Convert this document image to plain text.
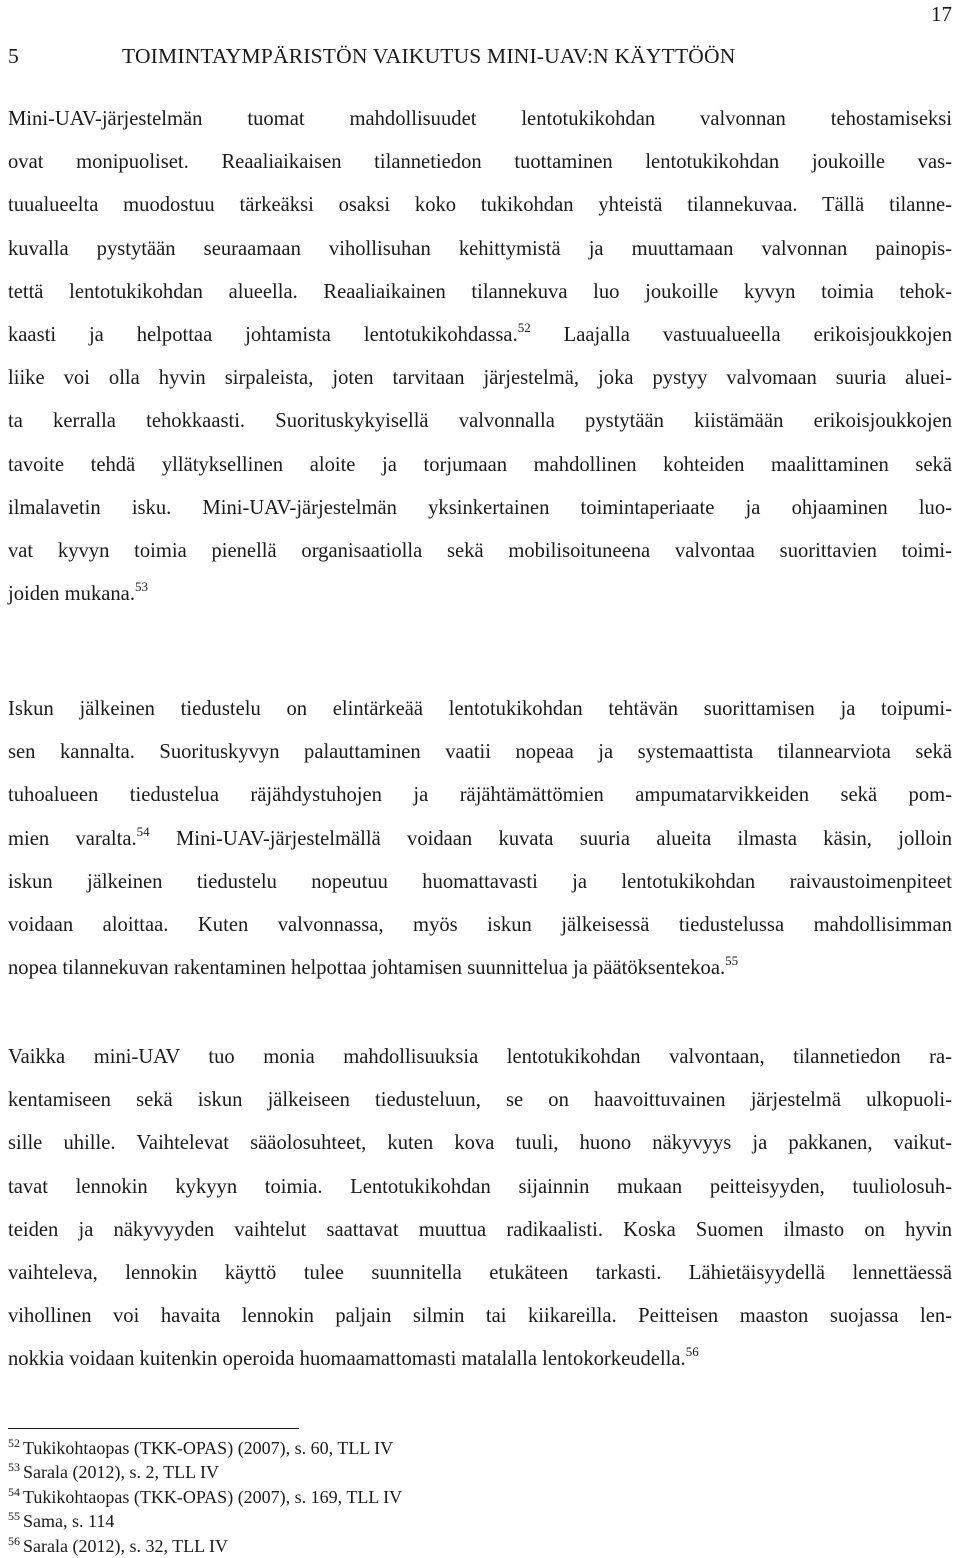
17
5	TOIMINTAYMPÄRISTÖN VAIKUTUS MINI-UAV:N KÄYTTÖÖN
Mini-UAV-järjestelmän tuomat mahdollisuudet lentotukikohdan valvonnan tehostamiseksi
ovat monipuoliset. Reaaliaikaisen tilannetiedon tuottaminen lentotukikohdan joukoille vas-
tuualueelta muodostuu tärkeäksi osaksi koko tukikohdan yhteistä tilannekuvaa. Tällä tilanne-
kuvalla pystytään seuraamaan vihollisuhan kehittymistä ja muuttamaan valvonnan painopis-
tettä lentotukikohdan alueella. Reaaliaikainen tilannekuva luo joukoille kyvyn toimia tehok-
kaasti ja helpottaa johtamista lentotukikohdassa.$^{52}$ Laajalla vastuualueella erikoisjoukkojen
liike voi olla hyvin sirpaleista, joten tarvitaan järjestelmä, joka pystyy valvomaan suuria aluei-
ta kerralla tehokkaasti. Suorituskykyisellä valvonnalla pystytään kiistämään erikoisjoukkojen
tavoite tehdä yllätyksellinen aloite ja torjumaan mahdollinen kohteiden maalittaminen sekä
ilmalavetin isku. Mini-UAV-järjestelmän yksinkertainen toimintaperiaate ja ohjaaminen luo-
vat kyvyn toimia pienellä organisaatiolla sekä mobilisoituneena valvontaa suorittavien toimi-
joiden mukana.$^{53}$
Iskun jälkeinen tiedustelu on elintärkeää lentotukikohdan tehtävän suorittamisen ja toipumi-
sen kannalta. Suorituskyvyn palauttaminen vaatii nopeaa ja systemaattista tilannearviota sekä
tuhoalueen tiedustelua räjähdystuhojen ja räjähtämättömien ampumatarvikkeiden sekä pom-
mien varalta.$^{54}$ Mini-UAV-järjestelmällä voidaan kuvata suuria alueita ilmasta käsin, jolloin
iskun jälkeinen tiedustelu nopeutuu huomattavasti ja lentotukikohdan raivaustoimenpiteet
voidaan aloittaa. Kuten valvonnassa, myös iskun jälkeisessä tiedustelussa mahdollisimman
nopea tilannekuvan rakentaminen helpottaa johtamisen suunnittelua ja päätöksentekoa.$^{55}$
Vaikka mini-UAV tuo monia mahdollisuuksia lentotukikohdan valvontaan, tilannetiedon ra-
kentamiseen sekä iskun jälkeiseen tiedusteluun, se on haavoittuvainen järjestelmä ulkopuoli-
sille uhille. Vaihtelevat sääolosuhteet, kuten kova tuuli, huono näkyvyys ja pakkanen, vaikut-
tavat lennokin kykyyn toimia. Lentotukikohdan sijainnin mukaan peitteisyyden, tuuliolosuh-
teiden ja näkyvyyden vaihtelut saattavat muuttua radikaalisti. Koska Suomen ilmasto on hyvin
vaihteleva, lennokin käyttö tulee suunnitella etukäteen tarkasti. Lähietäisyydellä lennettäessä
vihollinen voi havaita lennokin paljain silmin tai kiikareilla. Peitteisen maaston suojassa len-
nokkia voidaan kuitenkin operoida huomaamattomasti matalalla lentokorkeudella.$^{56}$
$^{52}$ Tukikohtaopas (TKK-OPAS) (2007), s. 60, TLL IV
$^{53}$ Sarala (2012), s. 2, TLL IV
$^{54}$ Tukikohtaopas (TKK-OPAS) (2007), s. 169, TLL IV
$^{55}$ Sama, s. 114
$^{56}$ Sarala (2012), s. 32, TLL IV
